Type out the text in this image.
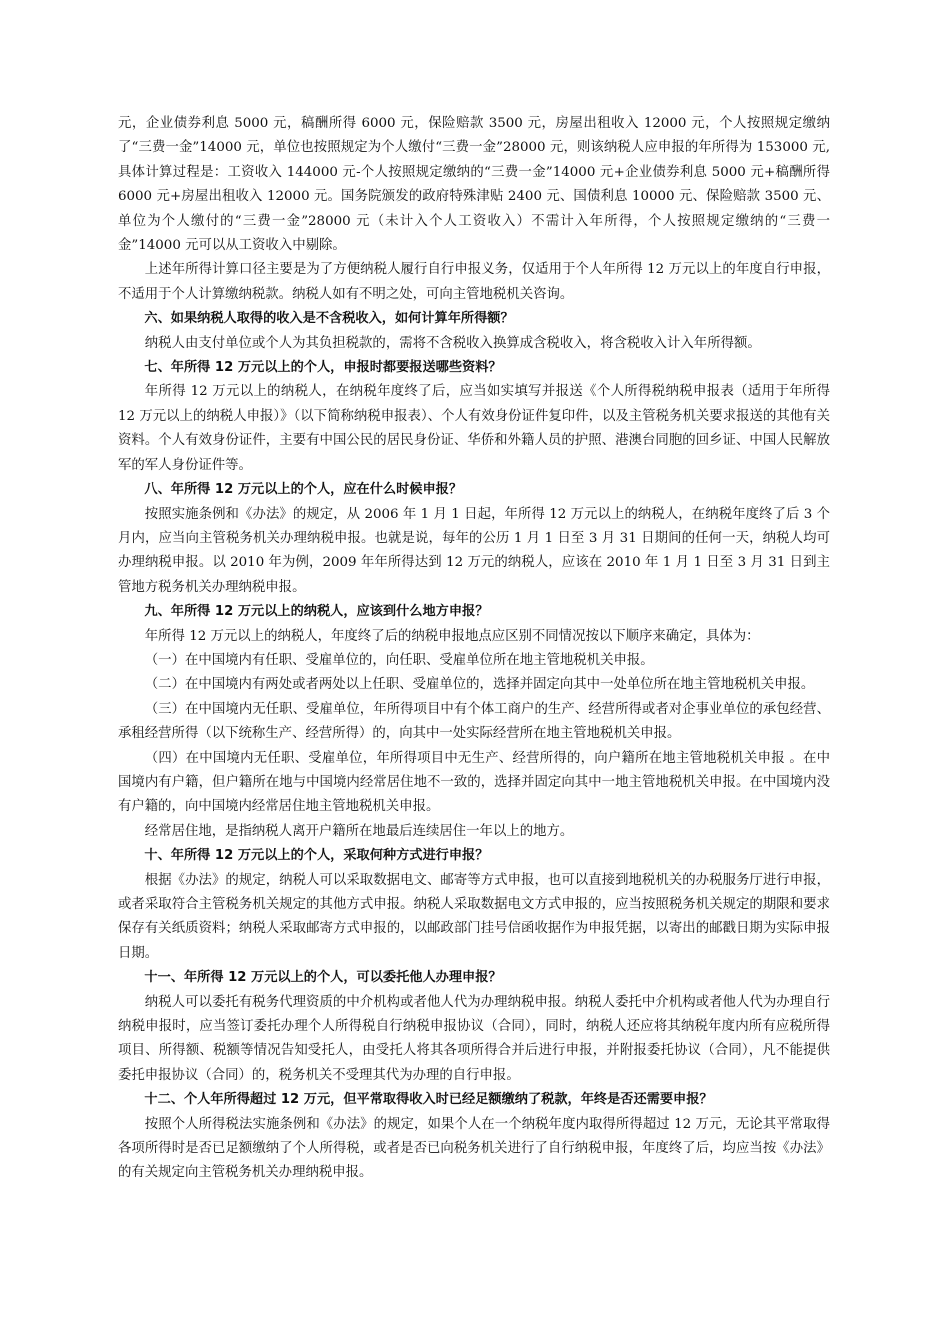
元，企业债券利息 5000 元，稿酬所得 6000 元，保险赔款 3500 元，房屋出租收入 12000 元，个人按照规定缴纳了“三费一金”14000 元，单位也按照规定为个人缴付“三费一金”28000 元，则该纳税人应申报的年所得为 153000 元,具体计算过程是：工资收入 144000 元-个人按照规定缴纳的“三费一金”14000 元+企业债券利息 5000 元+稿酬所得 6000 元+房屋出租收入 12000 元。国务院颁发的政府特殊津贴 2400 元、国债利息 10000 元、保险赔款 3500 元、单位为个人缴付的“三费一金”28000 元（未计入个人工资收入）不需计入年所得，个人按照规定缴纳的“三费一金”14000 元可以从工资收入中剔除。

上述年所得计算口径主要是为了方便纳税人履行自行申报义务，仅适用于个人年所得 12 万元以上的年度自行申报，不适用于个人计算缴纳税款。纳税人如有不明之处，可向主管地税机关咨询。

六、如果纳税人取得的收入是不含税收入，如何计算年所得额？

纳税人由支付单位或个人为其负担税款的，需将不含税收入换算成含税收入，将含税收入计入年所得额。

七、年所得 12 万元以上的个人，申报时都要报送哪些资料？

年所得 12 万元以上的纳税人，在纳税年度终了后，应当如实填写并报送《个人所得税纳税申报表（适用于年所得 12 万元以上的纳税人申报）》（以下简称纳税申报表）、个人有效身份证件复印件，以及主管税务机关要求报送的其他有关资料。个人有效身份证件，主要有中国公民的居民身份证、华侨和外籍人员的护照、港澳台同胞的回乡证、中国人民解放军的军人身份证件等。

八、年所得 12 万元以上的个人，应在什么时候申报？

按照实施条例和《办法》的规定，从 2006 年 1 月 1 日起，年所得 12 万元以上的纳税人，在纳税年度终了后 3 个月内，应当向主管税务机关办理纳税申报。也就是说，每年的公历 1 月 1 日至 3 月 31 日期间的任何一天，纳税人均可办理纳税申报。以 2010 年为例，2009 年年所得达到 12 万元的纳税人，应该在 2010 年 1 月 1 日至 3 月 31 日到主管地方税务机关办理纳税申报。

九、年所得 12 万元以上的纳税人，应该到什么地方申报？

年所得 12 万元以上的纳税人，年度终了后的纳税申报地点应区别不同情况按以下顺序来确定，具体为：

（一）在中国境内有任职、受雇单位的，向任职、受雇单位所在地主管地税机关申报。

（二）在中国境内有两处或者两处以上任职、受雇单位的，选择并固定向其中一处单位所在地主管地税机关申报。

（三）在中国境内无任职、受雇单位，年所得项目中有个体工商户的生产、经营所得或者对企事业单位的承包经营、承租经营所得（以下统称生产、经营所得）的，向其中一处实际经营所在地主管地税机关申报。

（四）在中国境内无任职、受雇单位，年所得项目中无生产、经营所得的，向户籍所在地主管地税机关申报 。在中国境内有户籍，但户籍所在地与中国境内经常居住地不一致的，选择并固定向其中一地主管地税机关申报。在中国境内没有户籍的，向中国境内经常居住地主管地税机关申报。

经常居住地，是指纳税人离开户籍所在地最后连续居住一年以上的地方。

十、年所得 12 万元以上的个人，采取何种方式进行申报？

根据《办法》的规定，纳税人可以采取数据电文、邮寄等方式申报，也可以直接到地税机关的办税服务厅进行申报，或者采取符合主管税务机关规定的其他方式申报。纳税人采取数据电文方式申报的，应当按照税务机关规定的期限和要求保存有关纸质资料；纳税人采取邮寄方式申报的，以邮政部门挂号信函收据作为申报凭据，以寄出的邮戳日期为实际申报日期。

十一、年所得 12 万元以上的个人，可以委托他人办理申报？

纳税人可以委托有税务代理资质的中介机构或者他人代为办理纳税申报。纳税人委托中介机构或者他人代为办理自行纳税申报时，应当签订委托办理个人所得税自行纳税申报协议（合同），同时，纳税人还应将其纳税年度内所有应税所得项目、所得额、税额等情况告知受托人，由受托人将其各项所得合并后进行申报，并附报委托协议（合同），凡不能提供委托申报协议（合同）的，税务机关不受理其代为办理的自行申报。

十二、个人年所得超过 12 万元，但平常取得收入时已经足额缴纳了税款，年终是否还需要申报？

按照个人所得税法实施条例和《办法》的规定，如果个人在一个纳税年度内取得所得超过 12 万元，无论其平常取得各项所得时是否已足额缴纳了个人所得税，或者是否已向税务机关进行了自行纳税申报，年度终了后，均应当按《办法》的有关规定向主管税务机关办理纳税申报。
